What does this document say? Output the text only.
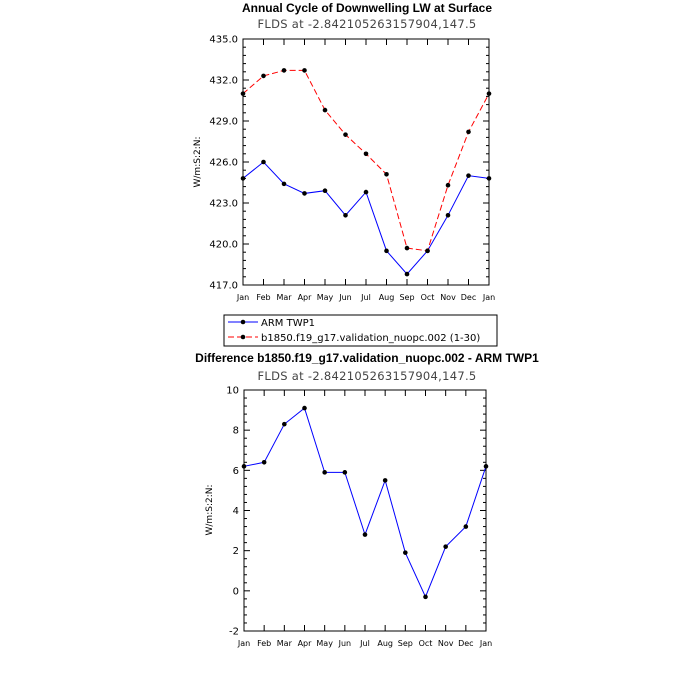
Annual Cycle of Downwelling LW at Surface
FLDS at -2.842105263157904,147.5
W/m:S:2:N:
417.0
420.0
423.0
426.0
429.0
432.0
435.0
Jan Feb Mar Apr May Jun Jul Aug Sep Oct Nov Dec Jan
ARM TWP1
b1850.f19_g17.validation_nuopc.002 (1-30)
Difference b1850.f19_g17.validation_nuopc.002 - ARM TWP1
FLDS at -2.842105263157904,147.5
W/m:S:2:N:
-2
0
2
4
6
8
10
Jan Feb Mar Apr May Jun Jul Aug Sep Oct Nov Dec Jan
